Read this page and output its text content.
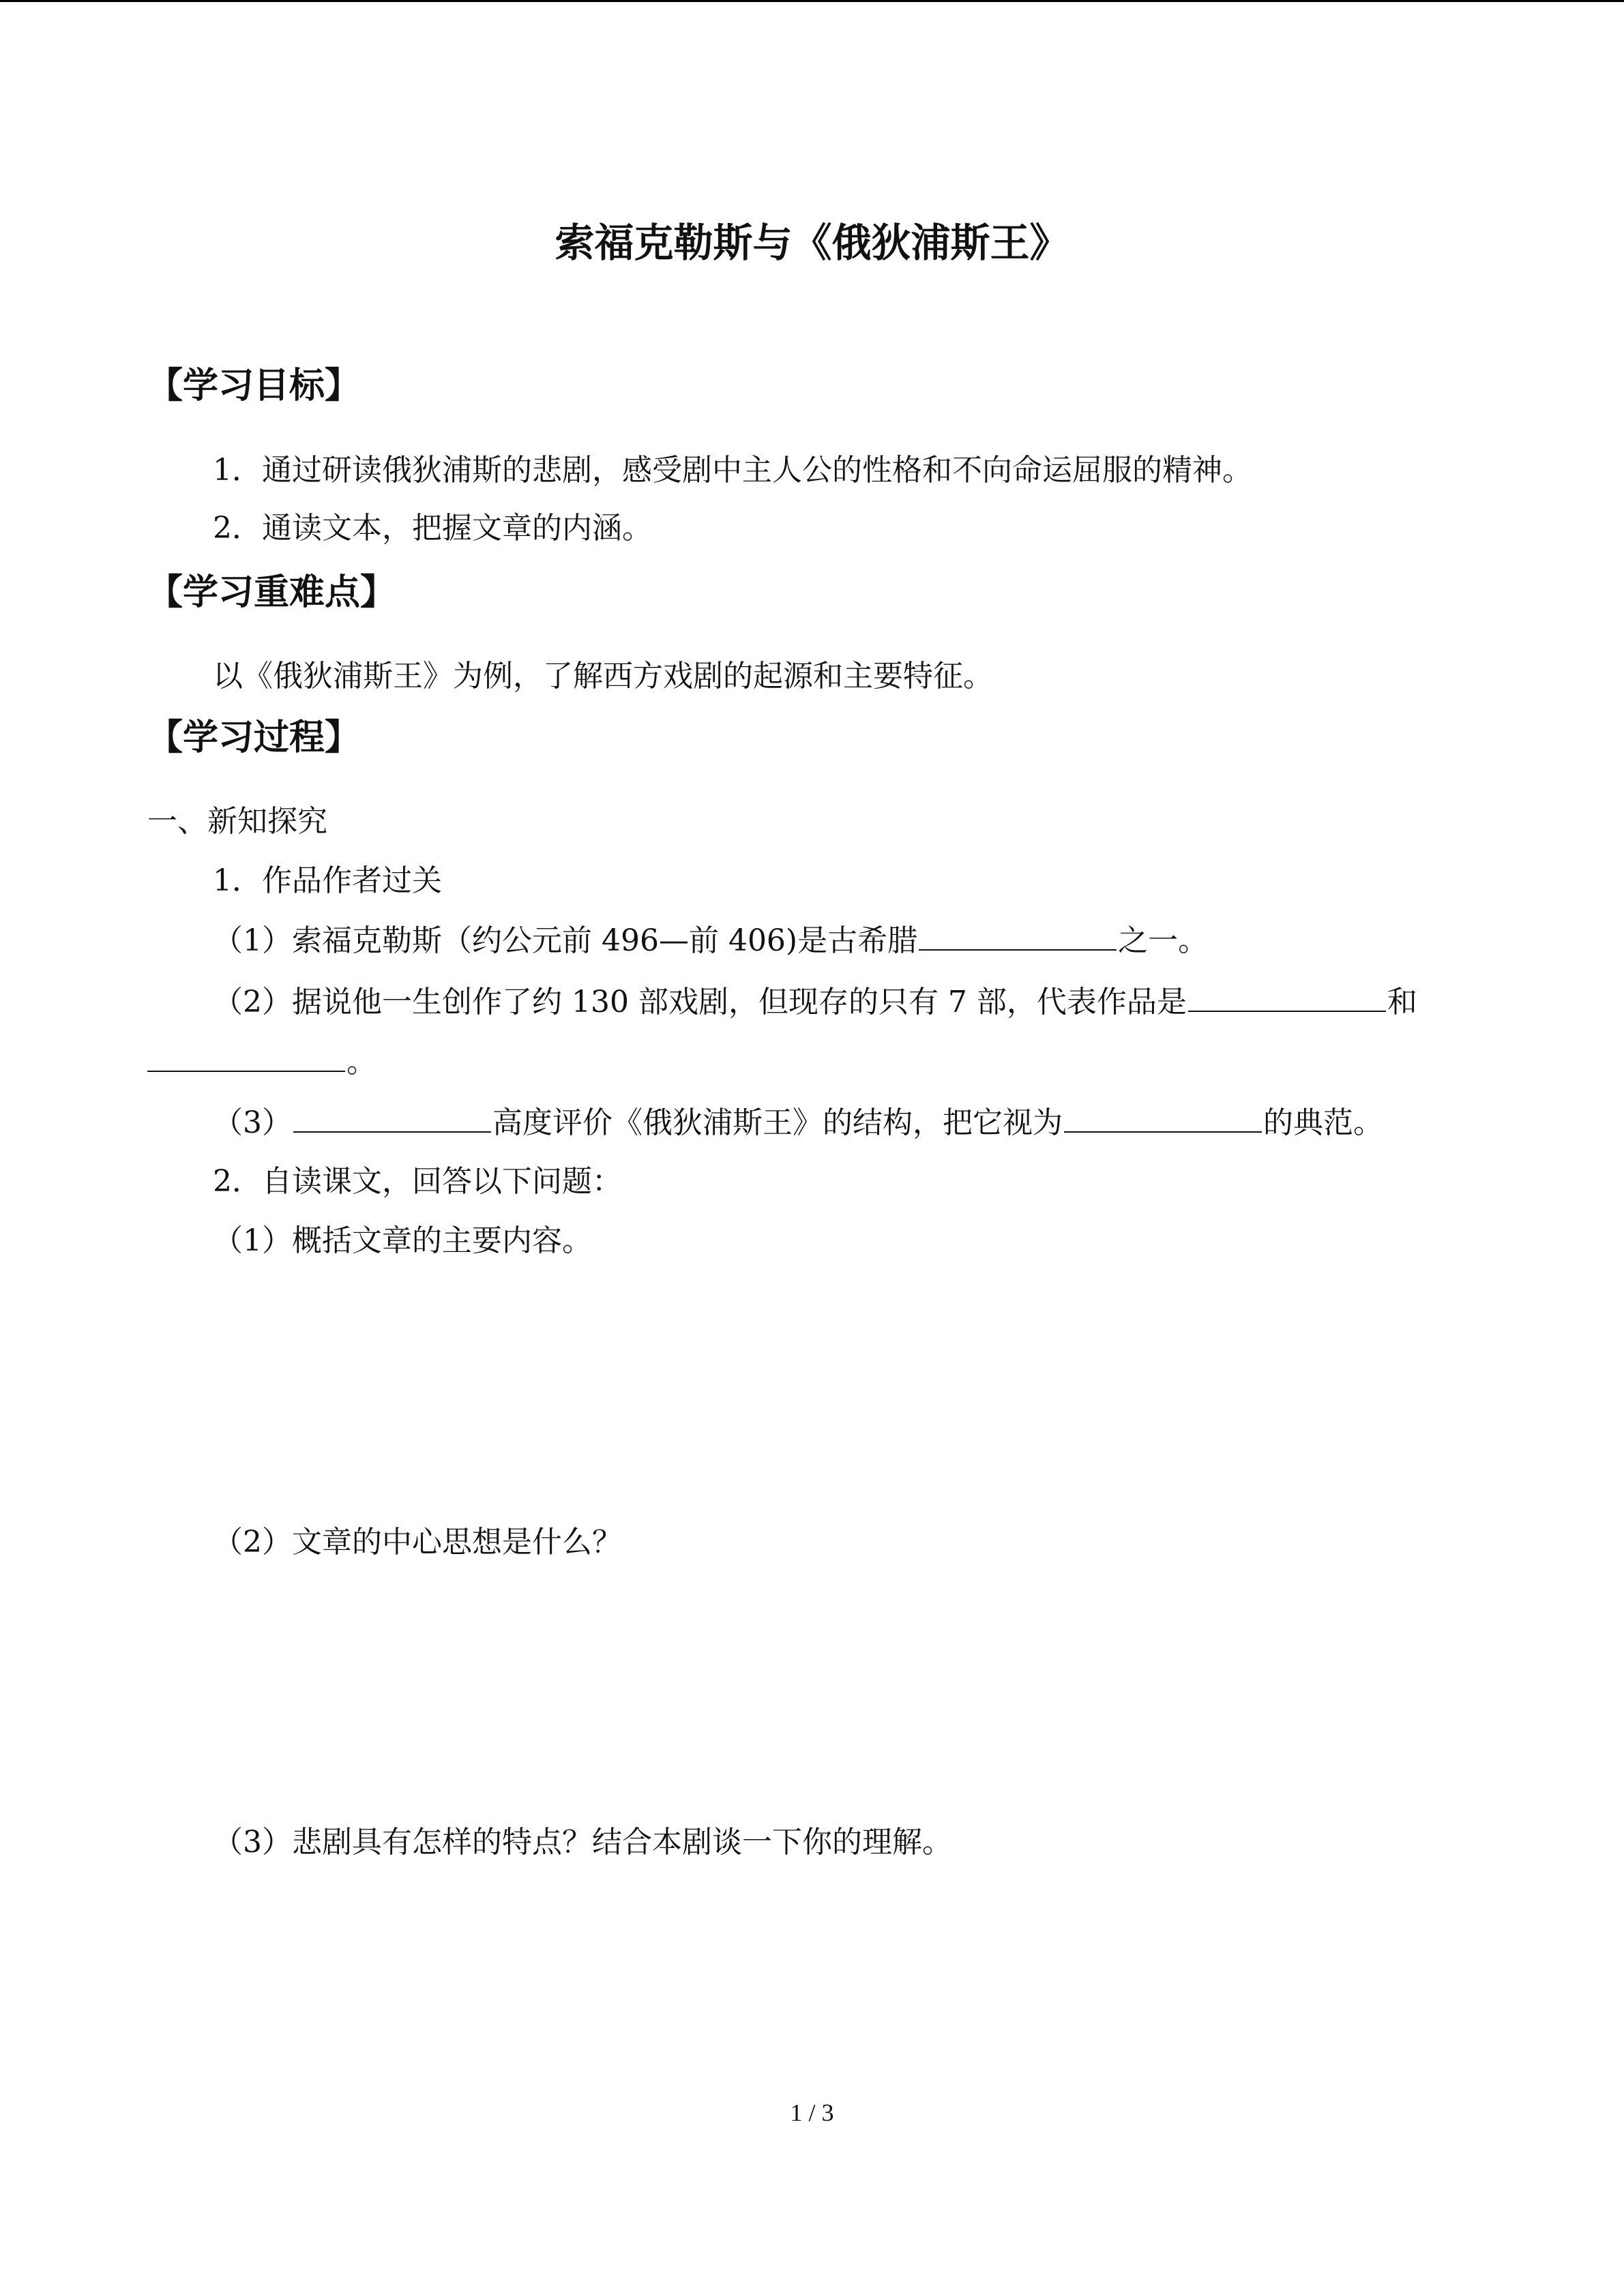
索福克勒斯与《俄狄浦斯王》
【学习目标】
1．通过研读俄狄浦斯的悲剧，感受剧中主人公的性格和不向命运屈服的精神。
2．通读文本，把握文章的内涵。
【学习重难点】
以《俄狄浦斯王》为例，了解西方戏剧的起源和主要特征。
【学习过程】
一、新知探究
1．作品作者过关
（1）索福克勒斯（约公元前 496—前 406)是古希腊	之一。
（2）据说他一生创作了约 130 部戏剧，但现存的只有 7 部，代表作品是	和
。
（3）	高度评价《俄狄浦斯王》的结构，把它视为	的典范。
2．自读课文，回答以下问题：
（1）概括文章的主要内容。
（2）文章的中心思想是什么？
（3）悲剧具有怎样的特点？结合本剧谈一下你的理解。
1 / 3
